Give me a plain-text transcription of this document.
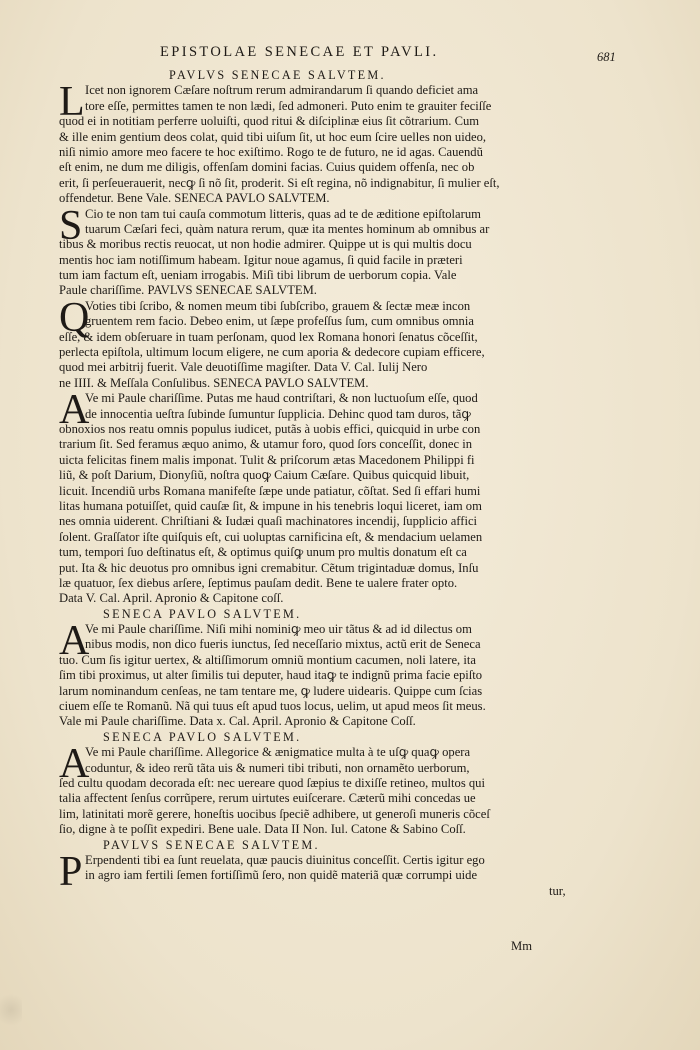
EPISTOLAE SENECAE ET PAVLI.	681
PAVLVS SENECAE SALVTEM.
L Icet non ignorem Cæſare noſtrum rerum admirandarum ſi quando deficiet ama
tore eſſe, permittes tamen te non lædi, ſed admoneri. Puto enim te grauiter feciſſe
quod ei in notitiam perferre uoluiſti, quod ritui & diſciplinæ eius ſit cõtrarium. Cum
& ille enim gentium deos colat, quid tibi uiſum ſit, ut hoc eum ſcire uelles non uideo,
niſi nimio amore meo facere te hoc exiſtimo. Rogo te de futuro, ne id agas. Cauendũ
eſt enim, ne dum me diligis, offenſam domini facias. Cuius quidem offenſa, nec ob
erit, ſi perſeuerauerit, necꝙ ſi nõ ſit, proderit. Si eſt regina, nõ indignabitur, ſi mulier eſt,
offendetur. Bene Vale. SENECA PAVLO SALVTEM.
S Cio te non tam tui cauſa commotum litteris, quas ad te de æditione epiſtolarum
tuarum Cæſari feci, quàm natura rerum, quæ ita mentes hominum ab omnibus ar
tibus & moribus rectis reuocat, ut non hodie admirer. Quippe ut is qui multis docu
mentis hoc iam notiſſimum habeam. Igitur noue agamus, ſi quid facile in præteri
tum iam factum eſt, ueniam irrogabis. Miſi tibi librum de uerborum copia. Vale
Paule chariſſime. PAVLVS SENECAE SALVTEM.
Q
Voties tibi ſcribo, & nomen meum tibi ſubſcribo, grauem & ſectæ meæ incon
gruentem rem facio. Debeo enim, ut ſæpe profeſſus ſum, cum omnibus omnia
eſſe, & idem obſeruare in tuam perſonam, quod lex Romana honori ſenatus cõceſſit,
perlecta epiſtola, ultimum locum eligere, ne cum aporia & dedecore cupiam efficere,
quod mei arbitrij fuerit. Vale deuotiſſime magiſter. Data V. Cal. Iulij Nero
ne IIII. & Meſſala Conſulibus. SENECA PAVLO SALVTEM.
A
Ve mi Paule chariſſime. Putas me haud contriſtari, & non luctuoſum eſſe, quod
de innocentia ueſtra ſubinde ſumuntur ſupplicia. Dehinc quod tam duros, tãꝙ
obnoxios nos reatu omnis populus iudicet, putãs à uobis effici, quicquid in urbe con
trarium ſit. Sed feramus æquo animo, & utamur foro, quod ſors conceſſit, donec in
uicta felicitas finem malis imponat. Tulit & priſcorum ætas Macedonem Philippi fi
liũ, & poſt Darium, Dionyſiũ, noſtra quoꝙ Caium Cæſare. Quibus quicquid libuit,
licuit. Incendiũ urbs Romana manifeſte ſæpe unde patiatur, cõſtat. Sed ſi effari humi
litas humana potuiſſet, quid cauſæ ſit, & impune in his tenebris loqui liceret, iam om
nes omnia uiderent. Chriſtiani & Iudæi quaſi machinatores incendij, ſupplicio affici
ſolent. Graſſator iſte quiſquis eſt, cui uoluptas carnificina eſt, & mendacium uelamen
tum, tempori ſuo deſtinatus eſt, & optimus quiſꝙ unum pro multis donatum eſt ca
put. Ita & hic deuotus pro omnibus igni cremabitur. Cẽtum trigintaduæ domus, Inſu
læ quatuor, ſex diebus arſere, ſeptimus pauſam dedit. Bene te ualere frater opto.
Data V. Cal. April. Apronio & Capitone coſſ.
SENECA PAVLO SALVTEM.
A
Ve mi Paule chariſſime. Niſi mihi nominiꝙ meo uir tãtus & ad id dilectus om
nibus modis, non dico fueris iunctus, ſed neceſſario mixtus, actũ erit de Seneca
tuo. Cum ſis igitur uertex, & altiſſimorum omniũ montium cacumen, noli latere, ita
ſim tibi proximus, ut alter ſimilis tui deputer, haud itaꝙ te indignũ prima facie epiſto
larum nominandum cenſeas, ne tam tentare me, ꝙ ludere uidearis. Quippe cum ſcias
ciuem eſſe te Romanũ. Nã qui tuus eſt apud tuos locus, uelim, ut apud meos ſit meus.
Vale mi Paule chariſſime. Data x. Cal. April. Apronio & Capitone Coſſ.
SENECA PAVLO SALVTEM.
A
Ve mi Paule chariſſime. Allegorice & ænigmatice multa à te uſꝙ quaꝙ opera
coduntur, & ideo rerũ tãta uis & numeri tibi tributi, non ornamẽto uerborum,
ſed cultu quodam decorada eſt: nec uereare quod ſæpius te dixiſſe retineo, multos qui
talia affectent ſenſus corrũpere, rerum uirtutes euiſcerare. Cæterũ mihi concedas ue
lim, latinitati morẽ gerere, honeſtis uocibus ſpeciẽ adhibere, ut generoſi muneris cõceſ
ſio, digne à te poſſit expediri. Bene uale. Data II Non. Iul. Catone & Sabino Coſſ.
PAVLVS SENECAE SALVTEM.
P Erpendenti tibi ea ſunt reuelata, quæ paucis diuinitus conceſſit. Certis igitur ego
in agro iam fertili ſemen fortiſſimũ ſero, non quidẽ materiã quæ corrumpi uide
tur,
Mm
